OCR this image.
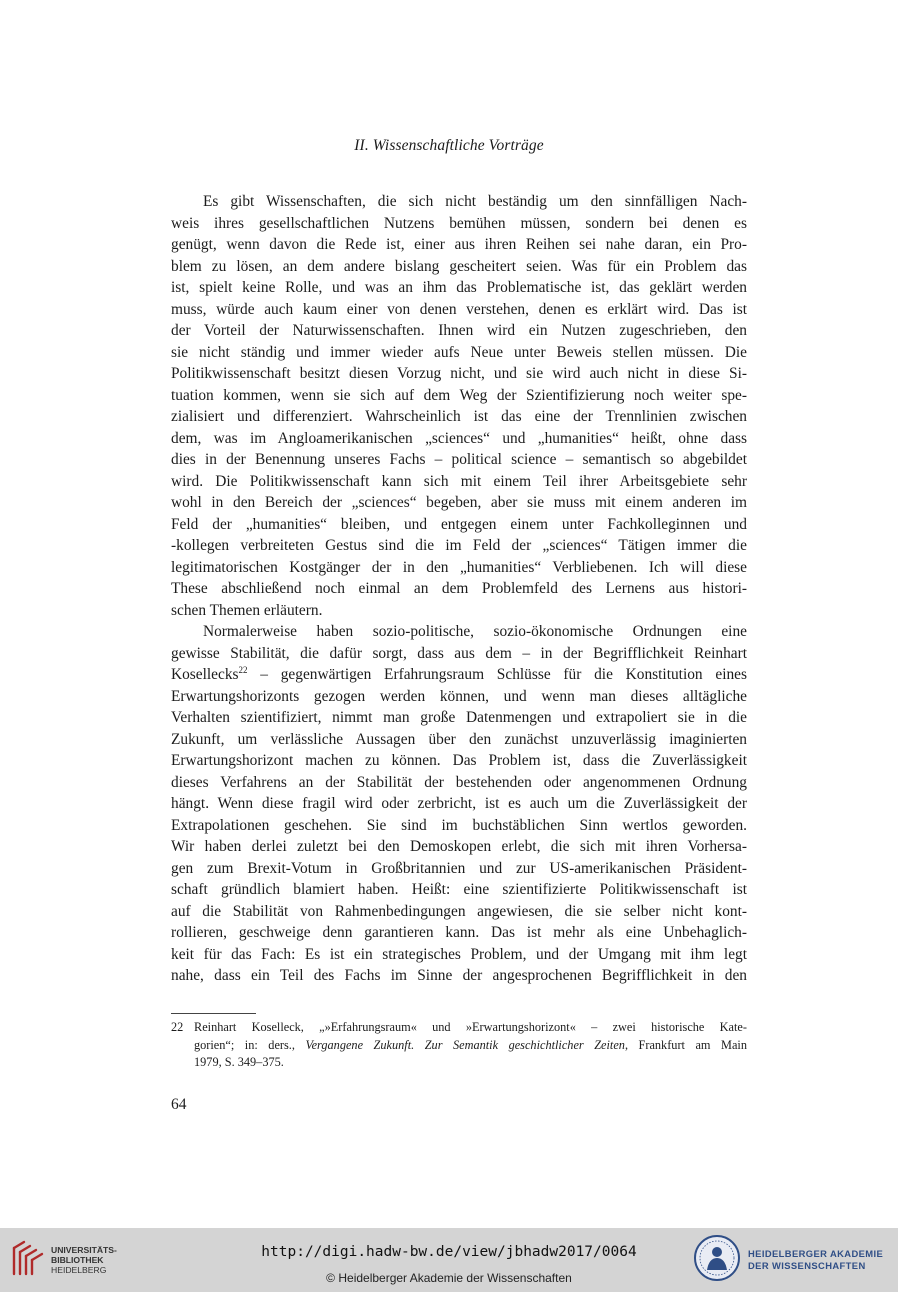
II. Wissenschaftliche Vorträge
Es gibt Wissenschaften, die sich nicht beständig um den sinnfälligen Nach-
weis ihres gesellschaftlichen Nutzens bemühen müssen, sondern bei denen es
genügt, wenn davon die Rede ist, einer aus ihren Reihen sei nahe daran, ein Pro-
blem zu lösen, an dem andere bislang gescheitert seien. Was für ein Problem das
ist, spielt keine Rolle, und was an ihm das Problematische ist, das geklärt werden
muss, würde auch kaum einer von denen verstehen, denen es erklärt wird. Das ist
der Vorteil der Naturwissenschaften. Ihnen wird ein Nutzen zugeschrieben, den
sie nicht ständig und immer wieder aufs Neue unter Beweis stellen müssen. Die
Politikwissenschaft besitzt diesen Vorzug nicht, und sie wird auch nicht in diese Si-
tuation kommen, wenn sie sich auf dem Weg der Szientifizierung noch weiter spe-
zialisiert und differenziert. Wahrscheinlich ist das eine der Trennlinien zwischen
dem, was im Angloamerikanischen „sciences“ und „humanities“ heißt, ohne dass
dies in der Benennung unseres Fachs – political science – semantisch so abgebildet
wird. Die Politikwissenschaft kann sich mit einem Teil ihrer Arbeitsgebiete sehr
wohl in den Bereich der „sciences“ begeben, aber sie muss mit einem anderen im
Feld der „humanities“ bleiben, und entgegen einem unter Fachkolleginnen und
-kollegen verbreiteten Gestus sind die im Feld der „sciences“ Tätigen immer die
legitimatorischen Kostgänger der in den „humanities“ Verbliebenen. Ich will diese
These abschließend noch einmal an dem Problemfeld des Lernens aus histori-
schen Themen erläutern.
Normalerweise haben sozio-politische, sozio-ökonomische Ordnungen eine
gewisse Stabilität, die dafür sorgt, dass aus dem – in der Begrifflichkeit Reinhart
Kosellecks$^{22}$ – gegenwärtigen Erfahrungsraum Schlüsse für die Konstitution eines
Erwartungshorizonts gezogen werden können, und wenn man dieses alltägliche
Verhalten szientifiziert, nimmt man große Datenmengen und extrapoliert sie in die
Zukunft, um verlässliche Aussagen über den zunächst unzuverlässig imaginierten
Erwartungshorizont machen zu können. Das Problem ist, dass die Zuverlässigkeit
dieses Verfahrens an der Stabilität der bestehenden oder angenommenen Ordnung
hängt. Wenn diese fragil wird oder zerbricht, ist es auch um die Zuverlässigkeit der
Extrapolationen geschehen. Sie sind im buchstäblichen Sinn wertlos geworden.
Wir haben derlei zuletzt bei den Demoskopen erlebt, die sich mit ihren Vorhersa-
gen zum Brexit-Votum in Großbritannien und zur US-amerikanischen Präsident-
schaft gründlich blamiert haben. Heißt: eine szientifizierte Politikwissenschaft ist
auf die Stabilität von Rahmenbedingungen angewiesen, die sie selber nicht kont-
rollieren, geschweige denn garantieren kann. Das ist mehr als eine Unbehaglich-
keit für das Fach: Es ist ein strategisches Problem, und der Umgang mit ihm legt
nahe, dass ein Teil des Fachs im Sinne der angesprochenen Begrifflichkeit in den
22 Reinhart Koselleck, „»Erfahrungsraum« und »Erwartungshorizont« – zwei historische Kate-
gorien“; in: ders., Vergangene Zukunft. Zur Semantik geschichtlicher Zeiten, Frankfurt am Main
1979, S. 349–375.
64
UNIVERSITÄTS-
BIBLIOTHEK
HEIDELBERG
http://digi.hadw-bw.de/view/jbhadw2017/0064
© Heidelberger Akademie der Wissenschaften
HEIDELBERGER AKADEMIE
DER WISSENSCHAFTEN
